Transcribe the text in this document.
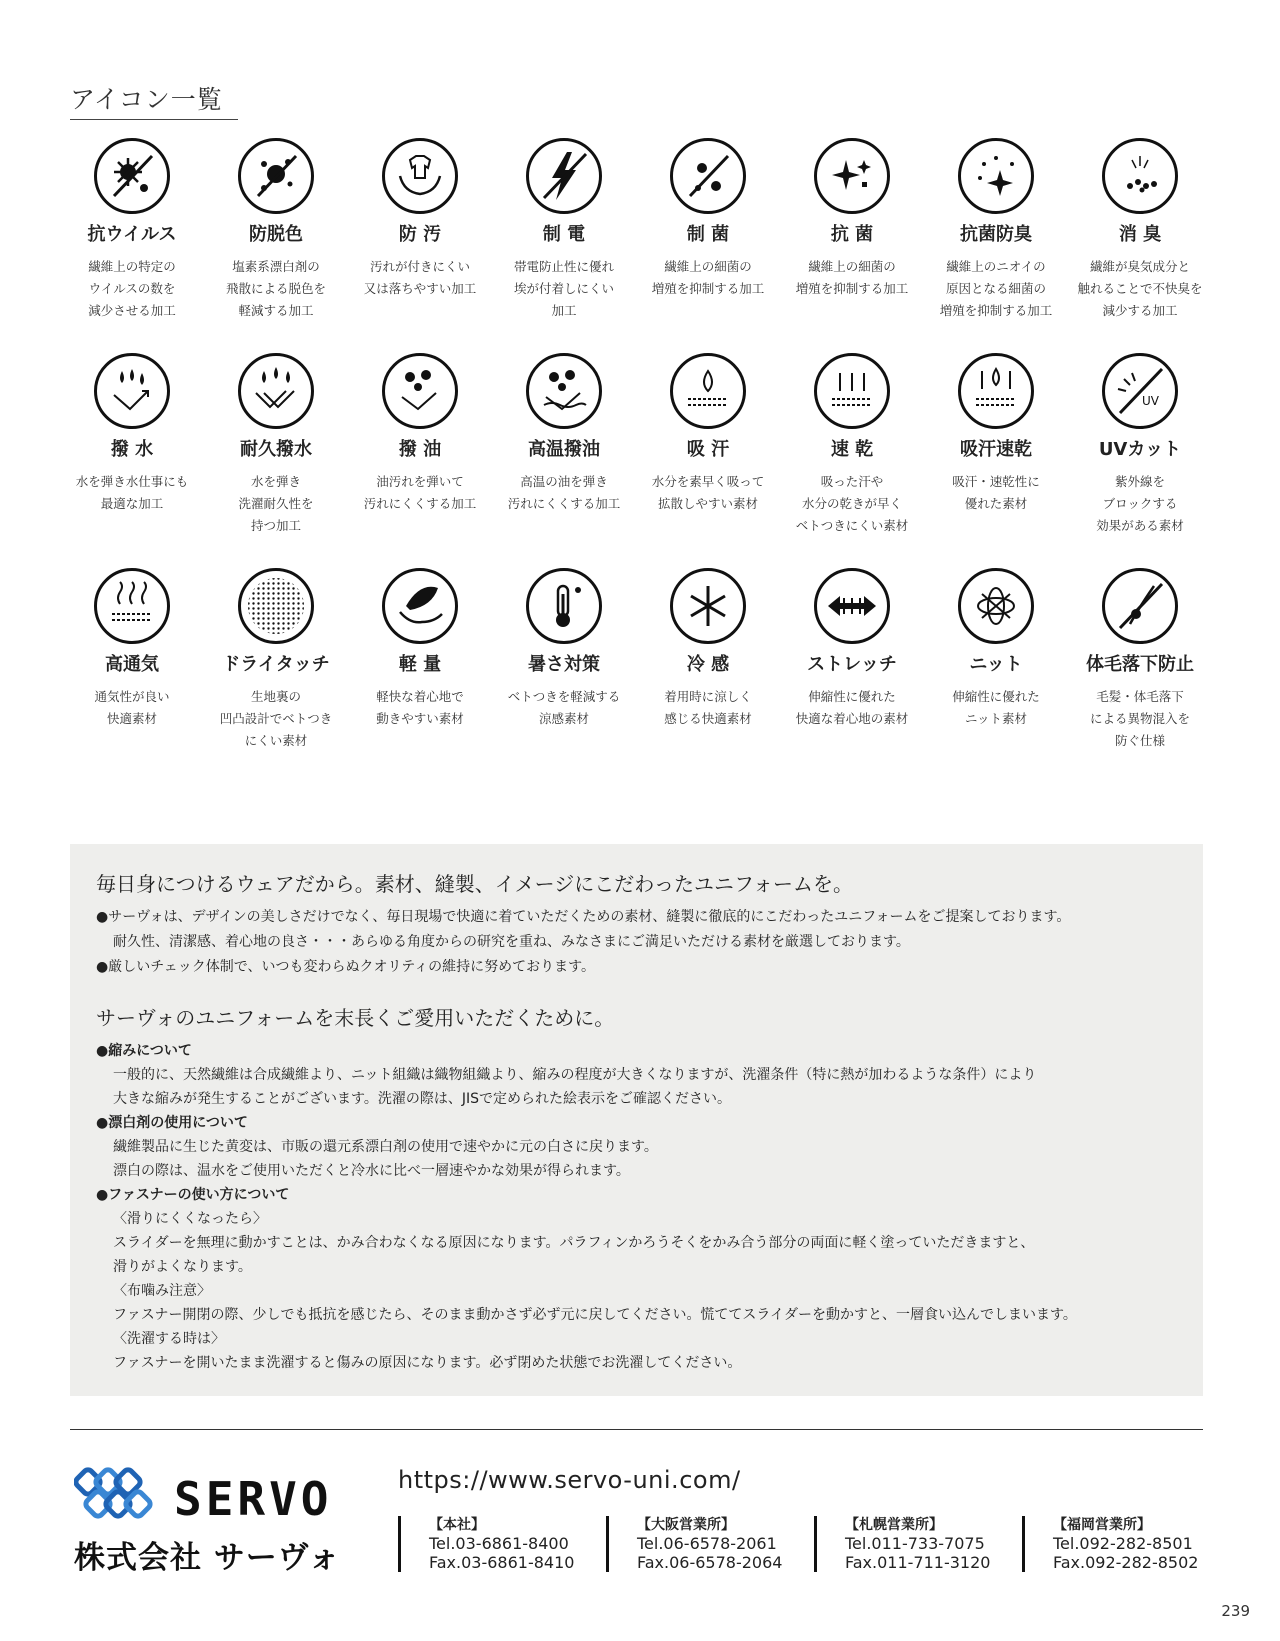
アイコン一覧
抗ウイルス
繊維上の特定の
ウイルスの数を
減少させる加工
防脱色
塩素系漂白剤の
飛散による脱色を
軽減する加工
防 汚
汚れが付きにくい
又は落ちやすい加工
制 電
帯電防止性に優れ
埃が付着しにくい
加工
制 菌
繊維上の細菌の
増殖を抑制する加工
抗 菌
繊維上の細菌の
増殖を抑制する加工
抗菌防臭
繊維上のニオイの
原因となる細菌の
増殖を抑制する加工
消 臭
繊維が臭気成分と
触れることで不快臭を
減少する加工
撥 水
水を弾き水仕事にも
最適な加工
耐久撥水
水を弾き
洗濯耐久性を
持つ加工
撥 油
油汚れを弾いて
汚れにくくする加工
高温撥油
高温の油を弾き
汚れにくくする加工
吸 汗
水分を素早く吸って
拡散しやすい素材
速 乾
吸った汗や
水分の乾きが早く
ベトつきにくい素材
吸汗速乾
吸汗・速乾性に
優れた素材
UV
UVカット
紫外線を
ブロックする
効果がある素材
高通気
通気性が良い
快適素材
ドライタッチ
生地裏の
凹凸設計でベトつき
にくい素材
軽 量
軽快な着心地で
動きやすい素材
暑さ対策
ベトつきを軽減する
涼感素材
冷 感
着用時に涼しく
感じる快適素材
ストレッチ
伸縮性に優れた
快適な着心地の素材
ニット
伸縮性に優れた
ニット素材
体毛落下防止
毛髪・体毛落下
による異物混入を
防ぐ仕様
毎日身につけるウェアだから。素材、縫製、イメージにこだわったユニフォームを。
●サーヴォは、デザインの美しさだけでなく、毎日現場で快適に着ていただくための素材、縫製に徹底的にこだわったユニフォームをご提案しております。
耐久性、清潔感、着心地の良さ・・・あらゆる角度からの研究を重ね、みなさまにご満足いただける素材を厳選しております。
●厳しいチェック体制で、いつも変わらぬクオリティの維持に努めております。
サーヴォのユニフォームを末長くご愛用いただくために。
●縮みについて
一般的に、天然繊維は合成繊維より、ニット組織は織物組織より、縮みの程度が大きくなりますが、洗濯条件（特に熱が加わるような条件）により
大きな縮みが発生することがございます。洗濯の際は、JISで定められた絵表示をご確認ください。
●漂白剤の使用について
繊維製品に生じた黄変は、市販の還元系漂白剤の使用で速やかに元の白さに戻ります。
漂白の際は、温水をご使用いただくと冷水に比べ一層速やかな効果が得られます。
●ファスナーの使い方について
〈滑りにくくなったら〉
スライダーを無理に動かすことは、かみ合わなくなる原因になります。パラフィンかろうそくをかみ合う部分の両面に軽く塗っていただきますと、
滑りがよくなります。
〈布噛み注意〉
ファスナー開閉の際、少しでも抵抗を感じたら、そのまま動かさず必ず元に戻してください。慌ててスライダーを動かすと、一層食い込んでしまいます。
〈洗濯する時は〉
ファスナーを開いたまま洗濯すると傷みの原因になります。必ず閉めた状態でお洗濯してください。
SERVO
株式会社 サーヴォ
https://www.servo-uni.com/
【本社】
Tel.03-6861-8400
Fax.03-6861-8410
【大阪営業所】
Tel.06-6578-2061
Fax.06-6578-2064
【札幌営業所】
Tel.011-733-7075
Fax.011-711-3120
【福岡営業所】
Tel.092-282-8501
Fax.092-282-8502
239
